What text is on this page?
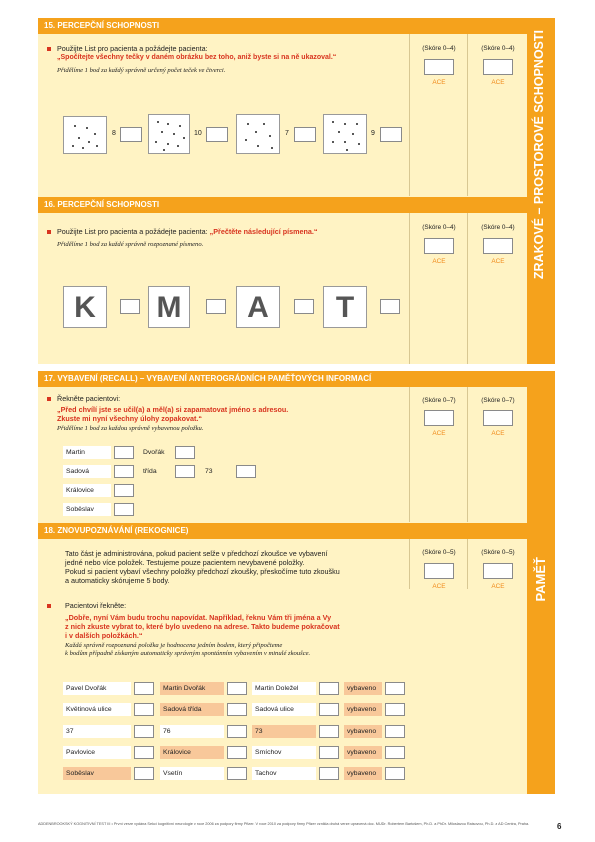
15. PERCEPČNÍ SCHOPNOSTI
Použijte List pro pacienta a požádejte pacienta:
„Spočítejte všechny tečky v daném obrázku bez toho, aniž byste si na ně ukazoval.“
Přidělíme 1 bod za každý správně určený počet teček ve čtverci.
(Skóre 0–4)
ACE
(Skóre 0–4)
ACE
8	10	7	9
16. PERCEPČNÍ SCHOPNOSTI
Použijte List pro pacienta a požádejte pacienta: „Přečtěte následující písmena.“
Přidělíme 1 bod za každé správně rozpoznané písmeno.
(Skóre 0–4)
ACE
(Skóre 0–4)
ACE
K	M	A	T
ZRAKOVÉ – PROSTOROVÉ SCHOPNOSTI
17. VYBAVENÍ (RECALL) – VYBAVENÍ ANTEROGRÁDNÍCH PAMĚŤOVÝCH INFORMACÍ
Řekněte pacientovi:
„Před chvílí jste se učil(a) a měl(a) si zapamatovat jméno s adresou.
Zkuste mi nyní všechny úlohy zopakovat.“
Přidělíme 1 bod za každou správně vybavenou položku.
(Skóre 0–7)
ACE
(Skóre 0–7)
ACE
Martin	Dvořák
Sadová	třída	73
Královice
Soběslav
18. ZNOVUPOZNÁVÁNÍ (REKOGNICE)
Tato část je administrována, pokud pacient selže v předchozí zkoušce ve vybavení
jedné nebo více položek. Testujeme pouze pacientem nevybavené položky.
Pokud si pacient vybaví všechny položky předchozí zkoušky, přeskočíme tuto zkoušku
a automaticky skórujeme 5 body.
(Skóre 0–5)
ACE
(Skóre 0–5)
ACE
Pacientovi řekněte:
„Dobře, nyní Vám budu trochu napovídat. Například, řeknu Vám tři jména a Vy
z nich zkuste vybrat to, které bylo uvedeno na adrese. Takto budeme pokračovat
i v dalších položkách.“
Každá správně rozpoznaná položka je hodnocena jedním bodem, který připočteme
k bodům případně získaným automaticky správným spontánním vybavením v minulé zkoušce.
Pavel Dvořák	Martin Dvořák	Martin Doležel	vybaveno
Květinová ulice	Sadová třída	Sadová ulice	vybaveno
37	76	73	vybaveno
Pavlovice	Královice	Smíchov	vybaveno
Soběslav	Vsetín	Tachov	vybaveno
PAMĚŤ
ADDENBROOKSKÝ KOGNITIVNÍ TEST III • První verze vydána Sekcí kognitivní neurologie v roce 2006 za podpory firmy Pfizer. V roce 2010 za podpory firmy Pfizer vznikla druhá verze upravená doc. MUDr. Robertem Bartošem, Ph.D. a PhDr. Miloslavou Raisovou, Ph.D. z AD Centra, Praha.	6
